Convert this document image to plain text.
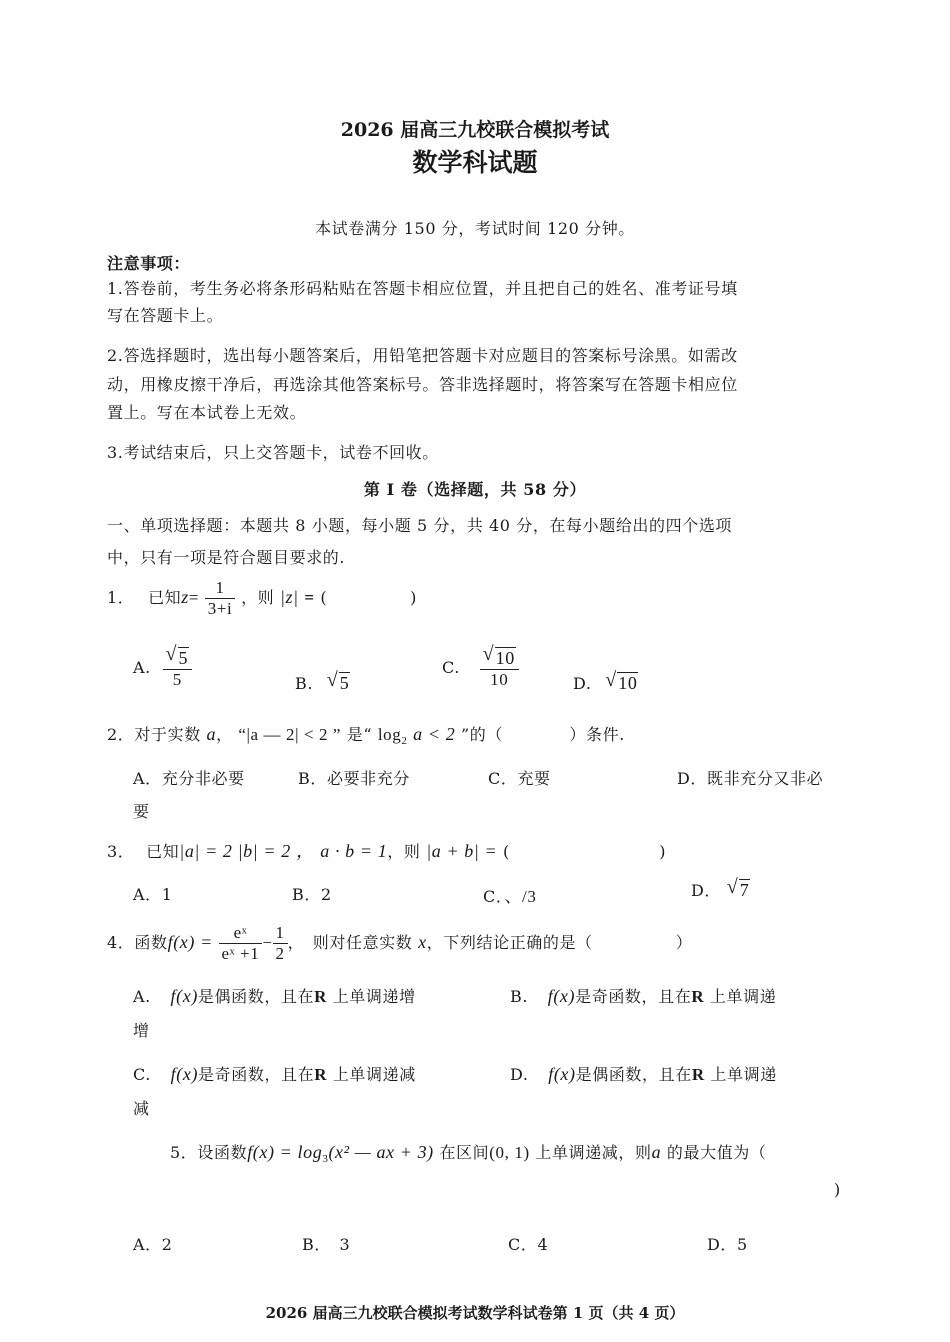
2026 届高三九校联合模拟考试
数学科试题
本试卷满分 150 分，考试时间 120 分钟。
注意事项：
1.答卷前，考生务必将条形码粘贴在答题卡相应位置，并且把自己的姓名、准考证号填
写在答题卡上。
2.答选择题时，选出每小题答案后，用铅笔把答题卡对应题目的答案标号涂黑。如需改
动，用橡皮擦干净后，再选涂其他答案标号。答非选择题时，将答案写在答题卡相应位
置上。写在本试卷上无效。
3.考试结束后，只上交答题卡，试卷不回收。
第 I 卷（选择题，共 58 分）
一、单项选择题：本题共 8 小题，每小题 5 分，共 40 分，在每小题给出的四个选项
中，只有一项是符合题目要求的.
1． 已知$z= \frac{1}{3+i}$ ，则 |z| = (　　　　　)
A. $\frac{√ 5}{5}$	B. √ 5
C. $\frac{√ 10}{10}$	D. √ 10
2．对于实数 a， “|a — 2| < 2 ” 是“ $\log_2 a < 2$ ”的（　　　　）条件.
A．充分非必要	B．必要非充分	C．充要	D．既非充分又非必
要
3． 已知|a| = 2 |b| = 2 ， a · b = 1，则 |a + b| = (　　　　　　　　　)
A．1	B．2	C．、/3	D． √ 7
4．函数$f(x) = \frac{\text{eˣ}}{\text{eˣ +1}} - \frac{1}{2}$ ，　则对任意实数 x，下列结论正确的是（　　　　　）
A. f(x)是偶函数，且在R 上单调递增	B. f(x)是奇函数，且在R 上单调递
增
C. f(x)是奇函数，且在R 上单调递减	D. f(x)是偶函数，且在R 上单调递
减
5．设函数$f(x) = \log_3(x^2$ — ax + 3) 在区间(0, 1) 上单调递减，则a 的最大值为（
)
A．2	B．　3	C．4	D．5
2026 届高三九校联合模拟考试数学科试卷第 1 页（共 4 页）
